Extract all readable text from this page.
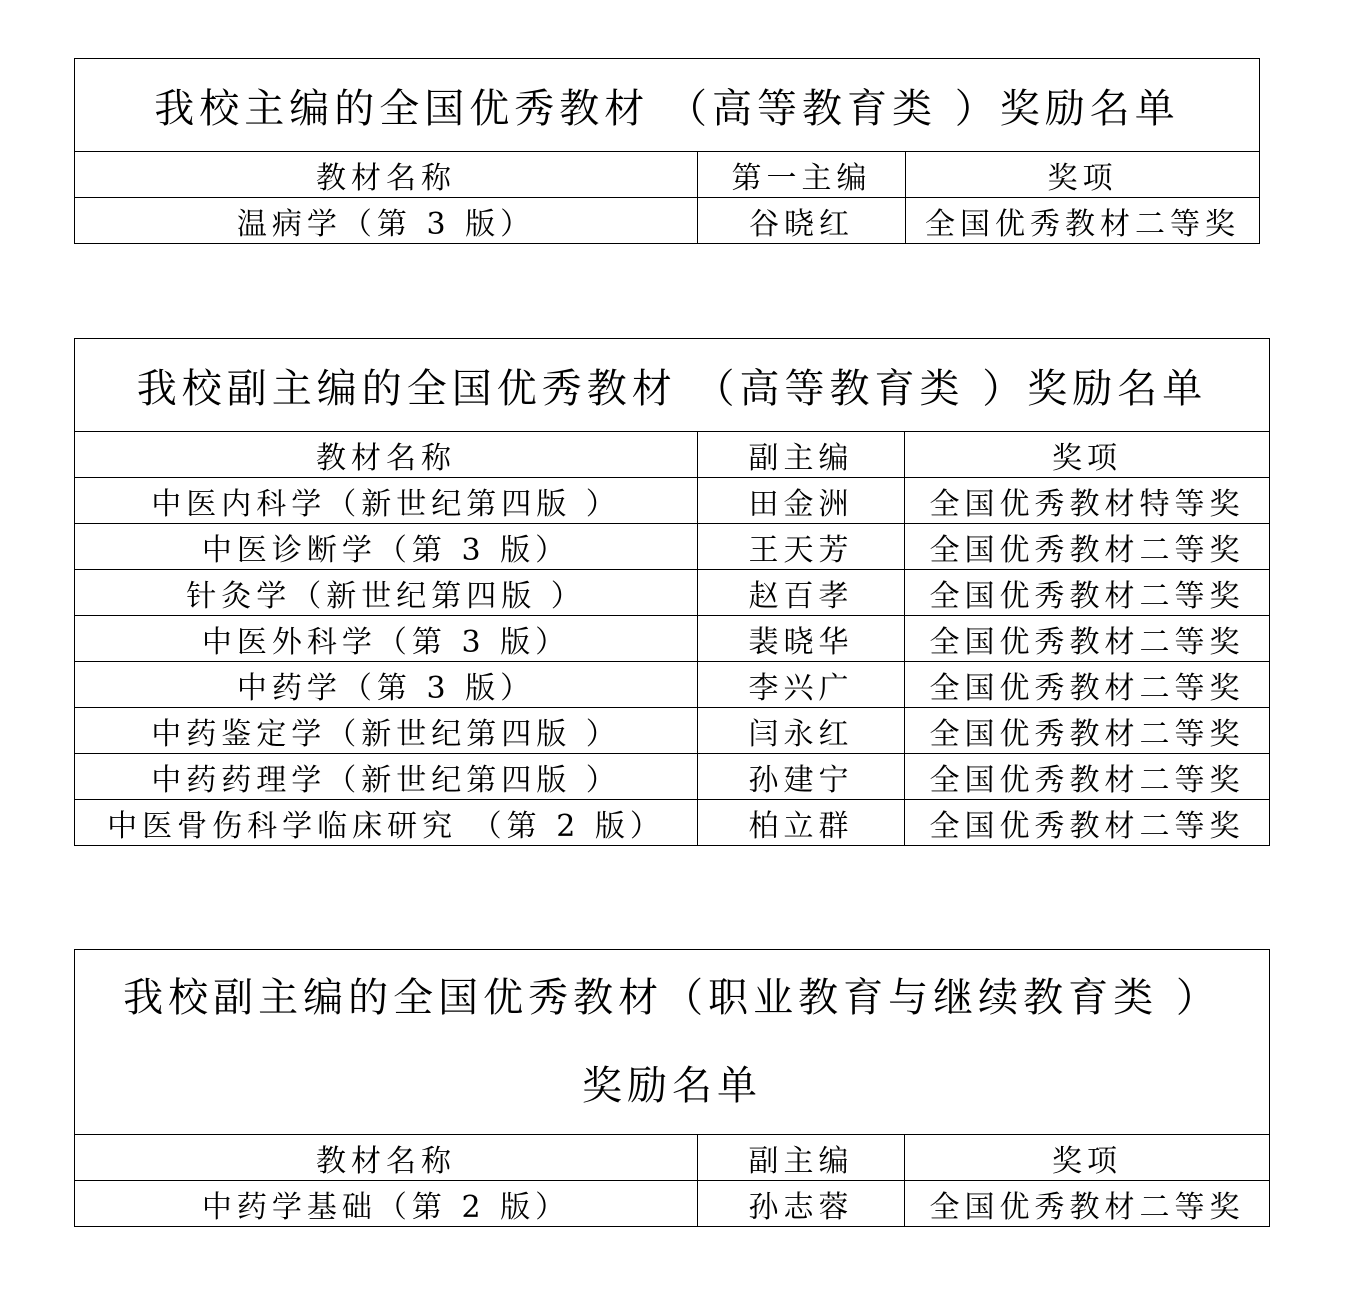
我校主编的全国优秀教材 （高等教育类 ）奖励名单		
教材名称	第一主编	奖项
温病学（第 3 版）	谷晓红	全国优秀教材二等奖
我校副主编的全国优秀教材 （高等教育类 ）奖励名单		
教材名称	副主编	奖项
中医内科学（新世纪第四版 ）	田金洲	全国优秀教材特等奖
中医诊断学（第 3 版）	王天芳	全国优秀教材二等奖
针灸学（新世纪第四版 ）	赵百孝	全国优秀教材二等奖
中医外科学（第 3 版）	裴晓华	全国优秀教材二等奖
中药学（第 3 版）	李兴广	全国优秀教材二等奖
中药鉴定学（新世纪第四版 ）	闫永红	全国优秀教材二等奖
中药药理学（新世纪第四版 ）	孙建宁	全国优秀教材二等奖
中医骨伤科学临床研究 （第 2 版）	柏立群	全国优秀教材二等奖
我校副主编的全国优秀教材（职业教育与继续教育类 ）
奖励名单		

教材名称	副主编	奖项
中药学基础（第 2 版）	孙志蓉	全国优秀教材二等奖
